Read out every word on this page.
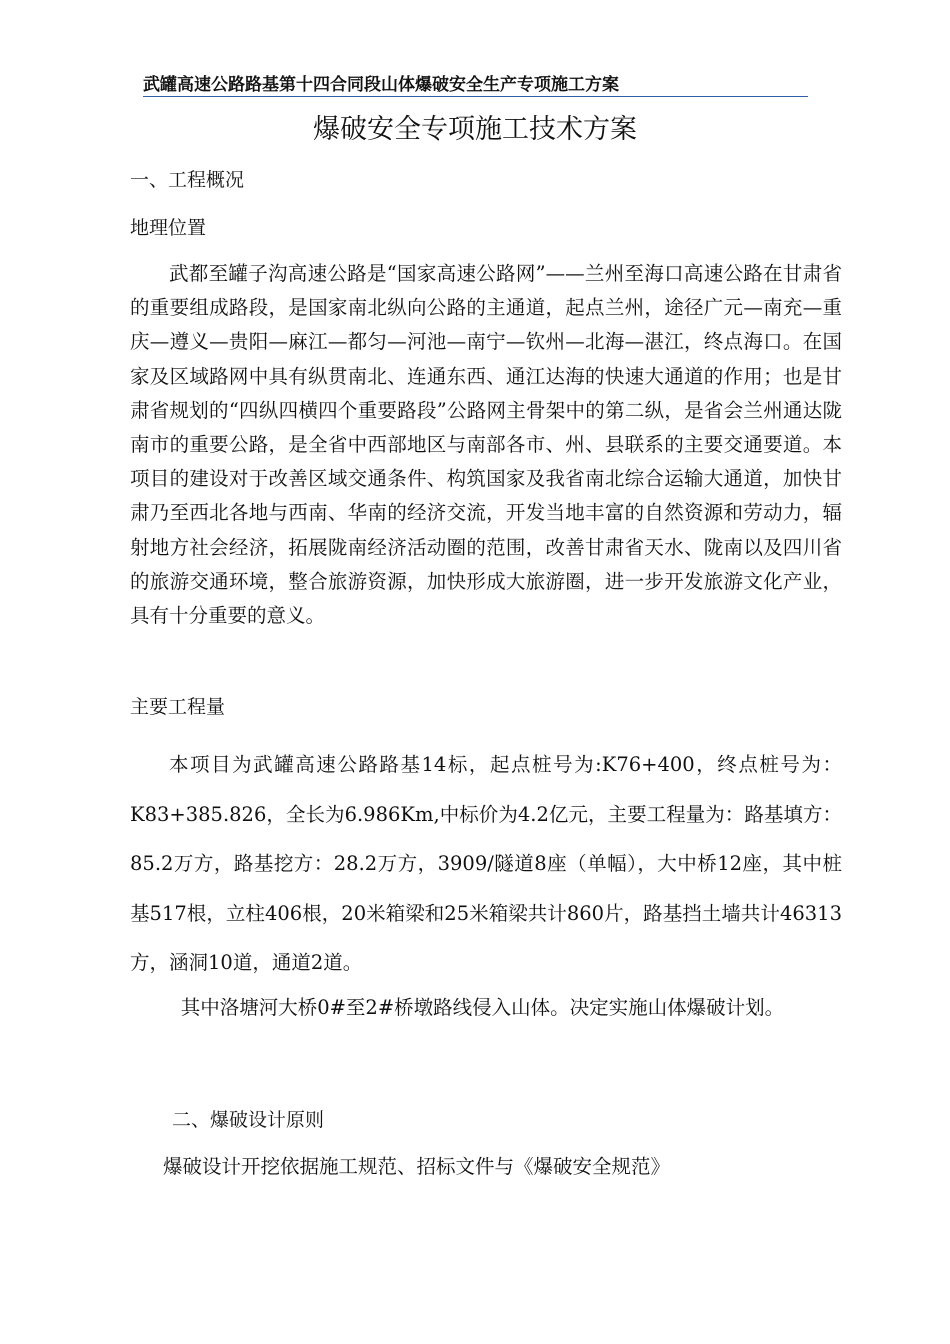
武罐高速公路路基第十四合同段山体爆破安全生产专项施工方案
爆破安全专项施工技术方案
一、工程概况
地理位置

武都至罐子沟高速公路是“国家高速公路网”——兰州至海口高速公路在甘肃省的重要组成路段，是国家南北纵向公路的主通道，起点兰州，途径广元—南充—重庆—遵义—贵阳—麻江—都匀—河池—南宁—钦州—北海—湛江，终点海口。在国家及区域路网中具有纵贯南北、连通东西、通江达海的快速大通道的作用；也是甘肃省规划的“四纵四横四个重要路段”公路网主骨架中的第二纵，是省会兰州通达陇南市的重要公路，是全省中西部地区与南部各市、州、县联系的主要交通要道。本项目的建设对于改善区域交通条件、构筑国家及我省南北综合运输大通道，加快甘肃乃至西北各地与西南、华南的经济交流，开发当地丰富的自然资源和劳动力，辐射地方社会经济，拓展陇南经济活动圈的范围，改善甘肃省天水、陇南以及四川省的旅游交通环境，整合旅游资源，加快形成大旅游圈，进一步开发旅游文化产业，具有十分重要的意义。

主要工程量

本项目为武罐高速公路路基14标，起点桩号为:K76+400，终点桩号为：K83+385.826，全长为6.986Km,中标价为4.2亿元，主要工程量为：路基填方：85.2万方，路基挖方：28.2万方，3909/隧道8座（单幅），大中桥12座，其中桩基517根，立柱406根，20米箱梁和25米箱梁共计860片，路基挡土墙共计46313方，涵洞10道，通道2道。

其中洛塘河大桥0#至2#桥墩路线侵入山体。决定实施山体爆破计划。

二、爆破设计原则

爆破设计开挖依据施工规范、招标文件与《爆破安全规范》
